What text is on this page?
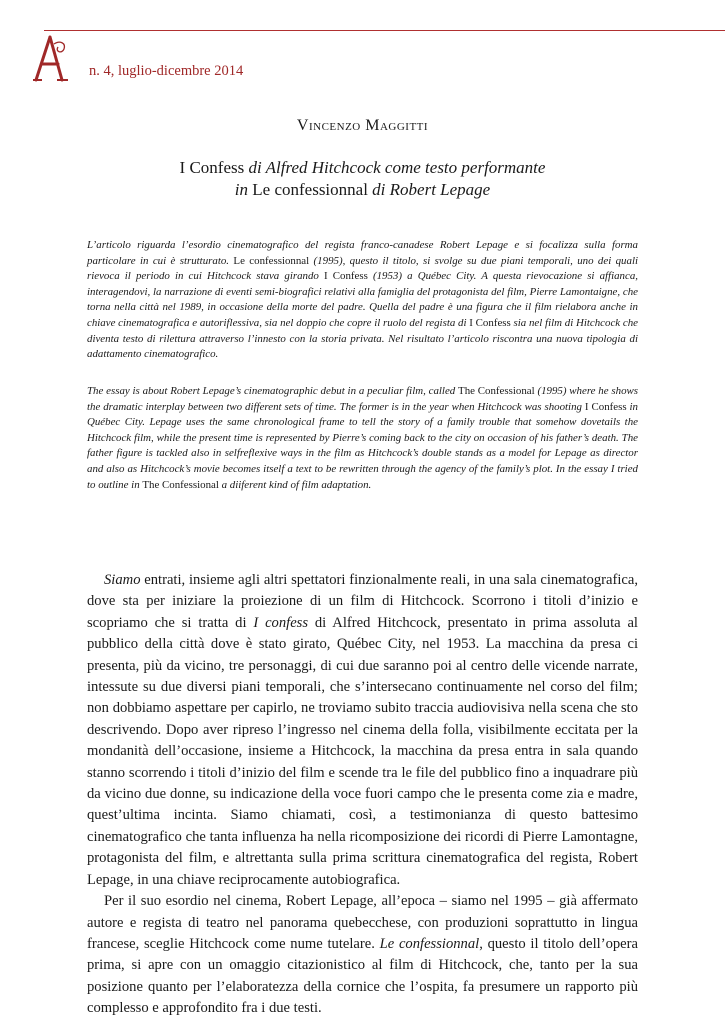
n. 4, luglio-dicembre 2014
Vincenzo Maggitti
I Confess di Alfred Hitchcock come testo performante
in Le confessionnal di Robert Lepage
L’articolo riguarda l’esordio cinematografico del regista franco-canadese Robert Lepage e si focalizza sulla forma particolare in cui è strutturato. Le confessionnal (1995), questo il titolo, si svolge su due piani temporali, uno dei quali rievoca il periodo in cui Hitchcock stava girando I Confess (1953) a Québec City. A questa rievocazione si affianca, interagendovi, la narrazione di eventi semi-biografici relativi alla famiglia del protagonista del film, Pierre Lamontaigne, che torna nella città nel 1989, in occasione della morte del padre. Quella del padre è una figura che il film rielabora anche in chiave cinematografica e autoriflessiva, sia nel doppio che copre il ruolo del regista di I Confess sia nel film di Hitchcock che diventa testo di rilettura attraverso l’innesto con la storia privata. Nel risultato l’articolo riscontra una nuova tipologia di adattamento cinematografico.
The essay is about Robert Lepage’s cinematographic debut in a peculiar film, called The Confessional (1995) where he shows the dramatic interplay between two different sets of time. The former is in the year when Hitchcock was shooting I Confess in Québec City. Lepage uses the same chronological frame to tell the story of a family trouble that somehow dovetails the Hitchcock film, while the present time is represented by Pierre’s coming back to the city on occasion of his father’s death. The father figure is tackled also in selfreflexive ways in the film as Hitchcock’s double stands as a model for Lepage as director and also as Hitchcock’s movie becomes itself a text to be rewritten through the agency of the family’s plot. In the essay I tried to outline in The Confessional a diiferent kind of film adaptation.

Siamo entrati, insieme agli altri spettatori finzionalmente reali, in una sala cinematografica, dove sta per iniziare la proiezione di un film di Hitchcock. Scorrono i titoli d’inizio e scopriamo che si tratta di I confess di Alfred Hitchcock, presentato in prima assoluta al pubblico della città dove è stato girato, Québec City, nel 1953. La macchina da presa ci presenta, più da vicino, tre personaggi, di cui due saranno poi al centro delle vicende narrate, intessute su due diversi piani temporali, che s’intersecano continuamente nel corso del film; non dobbiamo aspettare per capirlo, ne troviamo subito traccia audiovisiva nella scena che sto descrivendo. Dopo aver ripreso l’ingresso nel cinema della folla, visibilmente eccitata per la mondanità dell’occasione, insieme a Hitchcock, la macchina da presa entra in sala quando stanno scorrendo i titoli d’inizio del film e scende tra le file del pubblico fino a inquadrare più da vicino due donne, su indicazione della voce fuori campo che le presenta come zia e madre, quest’ultima incinta. Siamo chiamati, così, a testimonianza di questo battesimo cinematografico che tanta influenza ha nella ricomposizione dei ricordi di Pierre Lamontagne, protagonista del film, e altrettanta sulla prima scrittura cinematografica del regista, Robert Lepage, in una chiave reciprocamente autobiografica.

Per il suo esordio nel cinema, Robert Lepage, all’epoca – siamo nel 1995 – già affermato autore e regista di teatro nel panorama quebecchese, con produzioni soprattutto in lingua francese, sceglie Hitchcock come nume tutelare. Le confessionnal, questo il titolo dell’opera prima, si apre con un omaggio citazionistico al film di Hitchcock, che, tanto per la sua posizione quanto per l’elaboratezza della cornice che l’ospita, fa presumere un rapporto più complesso e approfondito fra i due testi.
